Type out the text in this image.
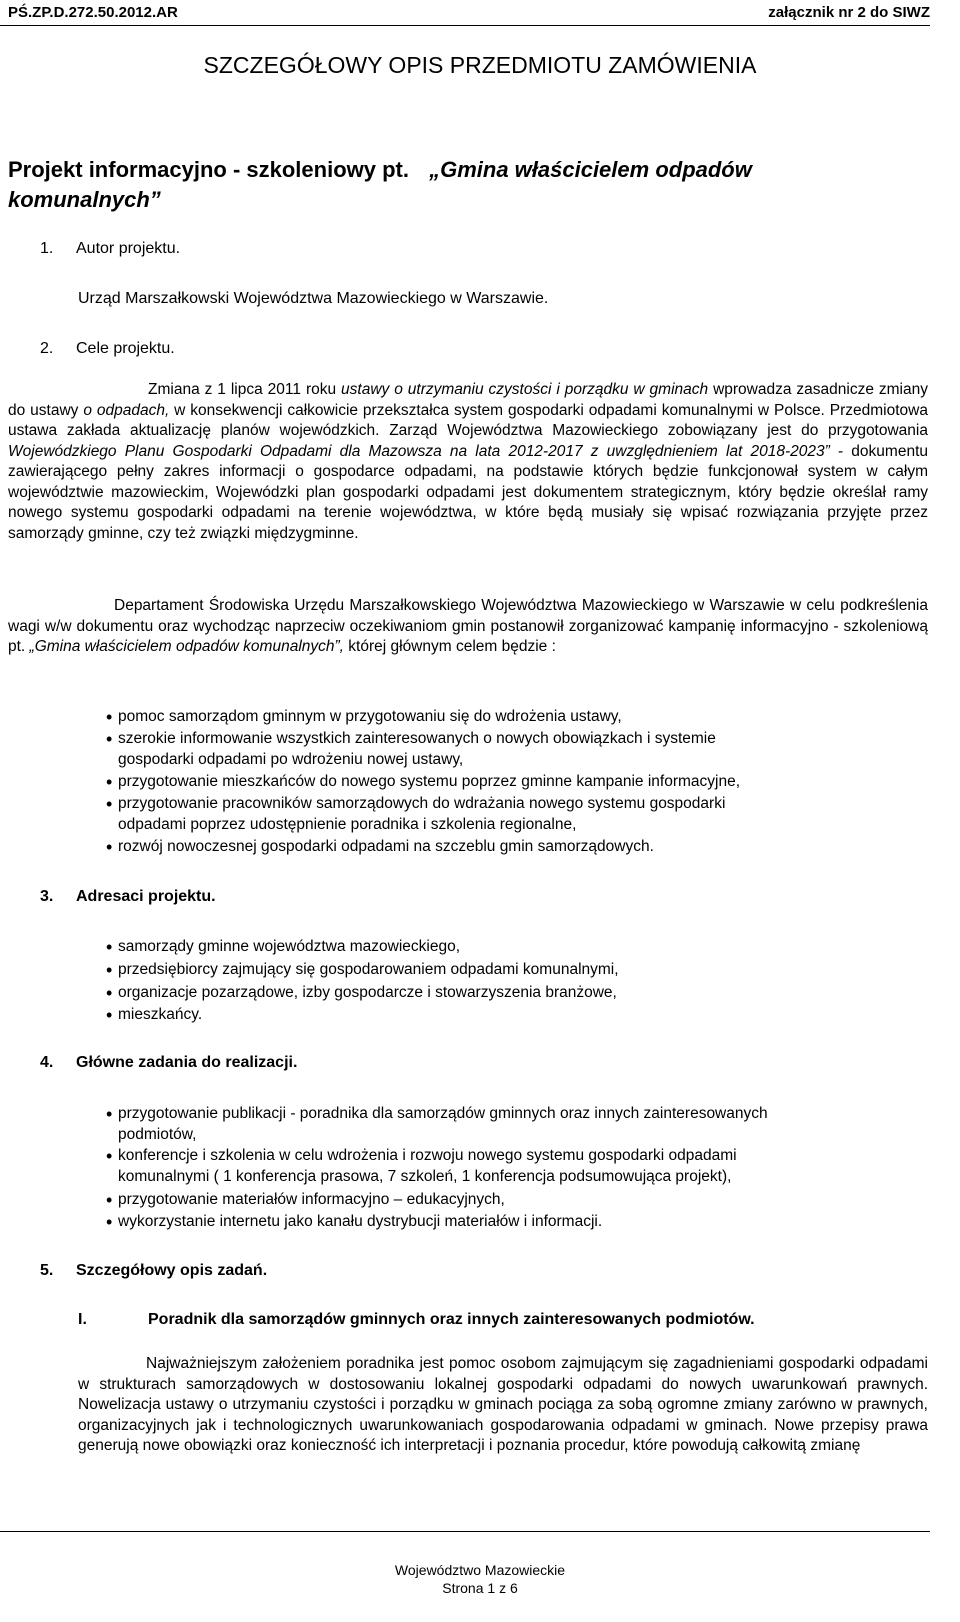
PŚ.ZP.D.272.50.2012.AR	załącznik nr 2 do SIWZ
SZCZEGÓŁOWY OPIS PRZEDMIOTU ZAMÓWIENIA
Projekt informacyjno - szkoleniowy pt. „Gmina właścicielem odpadów
komunalnych”
1. Autor projektu.
Urząd Marszałkowski Województwa Mazowieckiego w Warszawie.
2. Cele projektu.
Zmiana z 1 lipca 2011 roku ustawy o utrzymaniu czystości i porządku w gminach wprowadza zasadnicze zmiany do ustawy o odpadach, w konsekwencji całkowicie przekształca system gospodarki odpadami komunalnymi w Polsce. Przedmiotowa ustawa zakłada aktualizację planów wojewódzkich. Zarząd Województwa Mazowieckiego zobowiązany jest do przygotowania Wojewódzkiego Planu Gospodarki Odpadami dla Mazowsza na lata 2012-2017 z uwzględnieniem lat 2018-2023” - dokumentu zawierającego pełny zakres informacji o gospodarce odpadami, na podstawie których będzie funkcjonował system w całym województwie mazowieckim, Wojewódzki plan gospodarki odpadami jest dokumentem strategicznym, który będzie określał ramy nowego systemu gospodarki odpadami na terenie województwa, w które będą musiały się wpisać rozwiązania przyjęte przez samorządy gminne, czy też związki międzygminne.
Departament Środowiska Urzędu Marszałkowskiego Województwa Mazowieckiego w Warszawie w celu podkreślenia wagi w/w dokumentu oraz wychodząc naprzeciw oczekiwaniom gmin postanowił zorganizować kampanię informacyjno - szkoleniową pt. „Gmina właścicielem odpadów komunalnych”, której głównym celem będzie :
• pomoc samorządom gminnym w przygotowaniu się do wdrożenia ustawy,
• szerokie informowanie wszystkich zainteresowanych o nowych obowiązkach i systemie
gospodarki odpadami po wdrożeniu nowej ustawy,
• przygotowanie mieszkańców do nowego systemu poprzez gminne kampanie informacyjne,
• przygotowanie pracowników samorządowych do wdrażania nowego systemu gospodarki
odpadami poprzez udostępnienie poradnika i szkolenia regionalne,
• rozwój nowoczesnej gospodarki odpadami na szczeblu gmin samorządowych.
3. Adresaci projektu.
• samorządy gminne województwa mazowieckiego,
• przedsiębiorcy zajmujący się gospodarowaniem odpadami komunalnymi,
• organizacje pozarządowe, izby gospodarcze i stowarzyszenia branżowe,
• mieszkańcy.
4. Główne zadania do realizacji.
• przygotowanie publikacji - poradnika dla samorządów gminnych oraz innych zainteresowanych
podmiotów,
• konferencje i szkolenia w celu wdrożenia i rozwoju nowego systemu gospodarki odpadami
komunalnymi ( 1 konferencja prasowa, 7 szkoleń, 1 konferencja podsumowująca projekt),
• przygotowanie materiałów informacyjno – edukacyjnych,
• wykorzystanie internetu jako kanału dystrybucji materiałów i informacji.
5. Szczegółowy opis zadań.
I.	Poradnik dla samorządów gminnych oraz innych zainteresowanych podmiotów.
Najważniejszym założeniem poradnika jest pomoc osobom zajmującym się zagadnieniami gospodarki odpadami w strukturach samorządowych w dostosowaniu lokalnej gospodarki odpadami do nowych uwarunkowań prawnych. Nowelizacja ustawy o utrzymaniu czystości i porządku w gminach pociąga za sobą ogromne zmiany zarówno w prawnych, organizacyjnych jak i technologicznych uwarunkowaniach gospodarowania odpadami w gminach. Nowe przepisy prawa generują nowe obowiązki oraz konieczność ich interpretacji i poznania procedur, które powodują całkowitą zmianę
Województwo Mazowieckie
Strona 1 z 6
